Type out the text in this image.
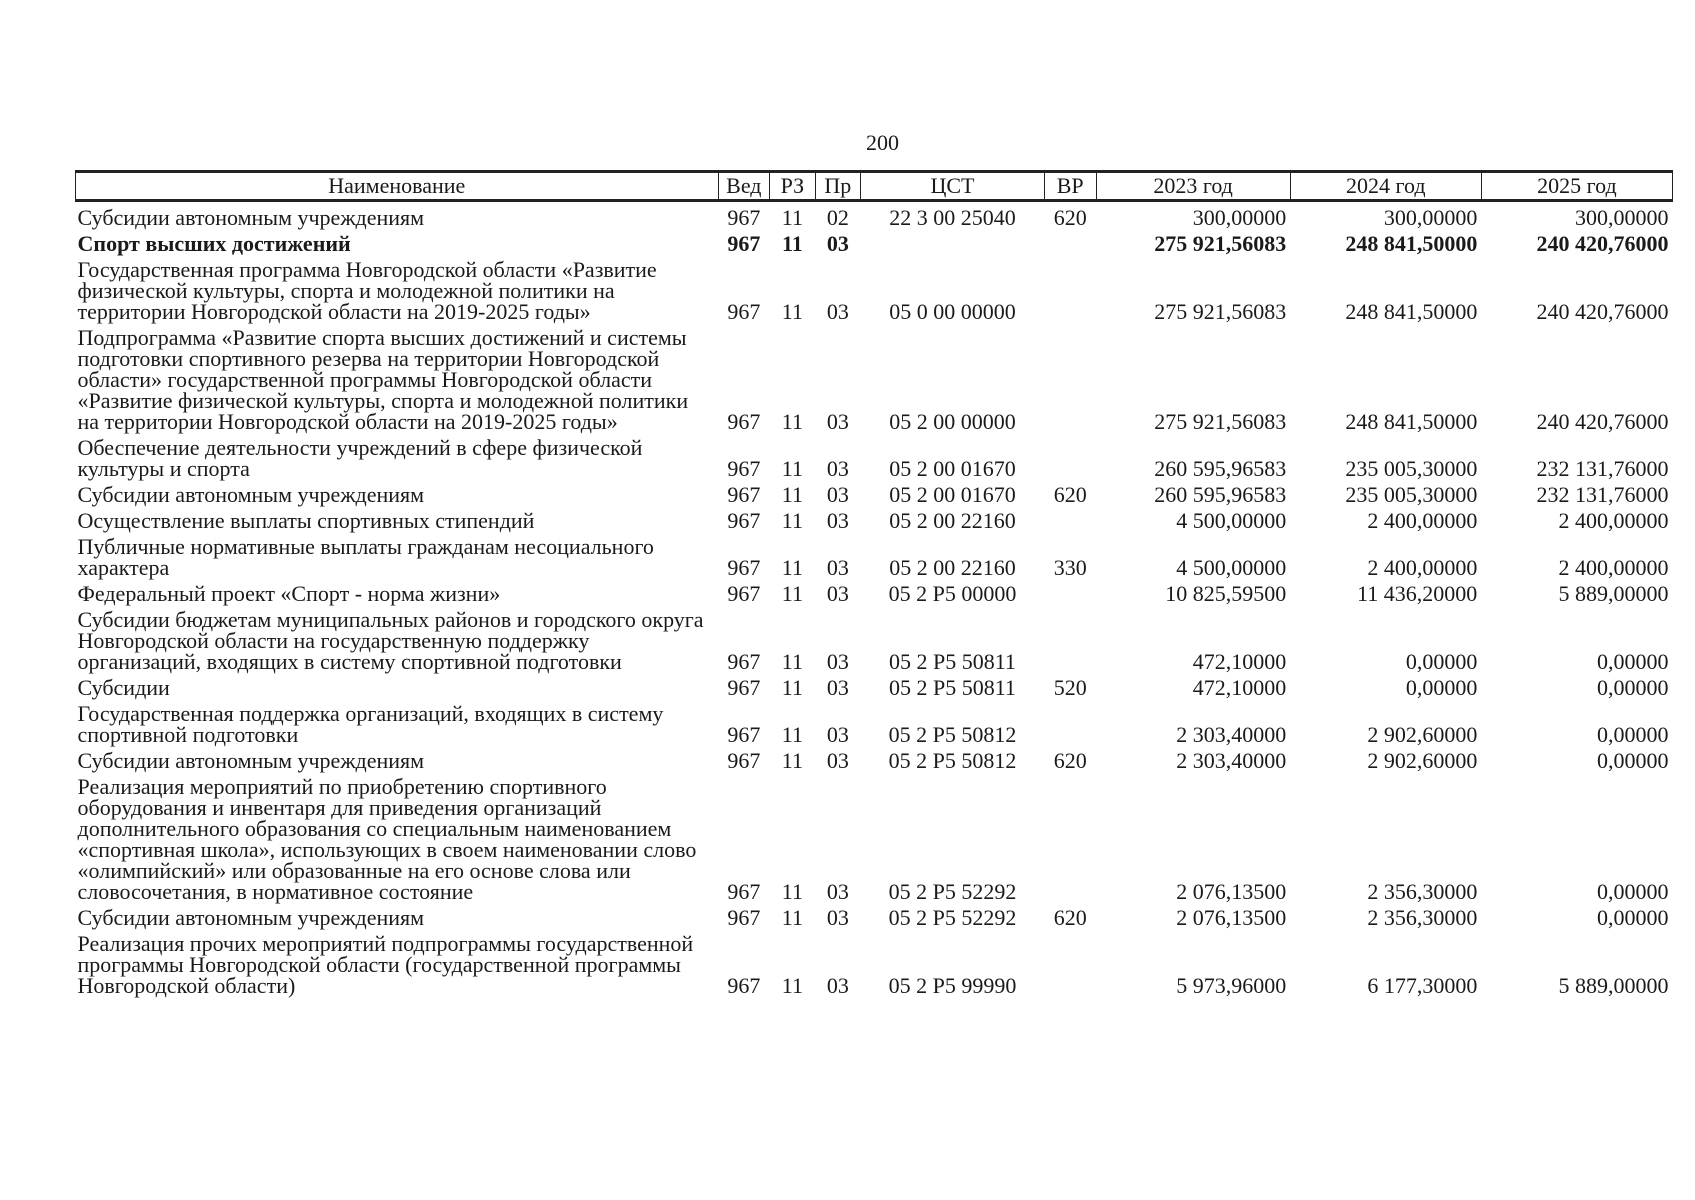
200
Наименование	Вед	РЗ	Пр	ЦСТ	ВР	2023 год	2024 год	2025 год
Субсидии автономным учреждениям	967	11	02	22 3 00 25040	620	300,00000	300,00000	300,00000
Спорт высших достижений	967	11	03			275 921,56083	248 841,50000	240 420,76000
Государственная программа Новгородской области «Развитие физической культуры, спорта и молодежной политики на территории Новгородской области на 2019-2025 годы»	967	11	03	05 0 00 00000		275 921,56083	248 841,50000	240 420,76000
Подпрограмма «Развитие спорта высших достижений и системы подготовки спортивного резерва на территории Новгородской области» государственной программы Новгородской области «Развитие физической культуры, спорта и молодежной политики на территории Новгородской области на 2019-2025 годы»	967	11	03	05 2 00 00000		275 921,56083	248 841,50000	240 420,76000
Обеспечение деятельности учреждений в сфере физической культуры и спорта	967	11	03	05 2 00 01670		260 595,96583	235 005,30000	232 131,76000
Субсидии автономным учреждениям	967	11	03	05 2 00 01670	620	260 595,96583	235 005,30000	232 131,76000
Осуществление выплаты спортивных стипендий	967	11	03	05 2 00 22160		4 500,00000	2 400,00000	2 400,00000
Публичные нормативные выплаты гражданам несоциального характера	967	11	03	05 2 00 22160	330	4 500,00000	2 400,00000	2 400,00000
Федеральный проект «Спорт - норма жизни»	967	11	03	05 2 P5 00000		10 825,59500	11 436,20000	5 889,00000
Субсидии бюджетам муниципальных районов и городского округа Новгородской области на государственную поддержку организаций, входящих в систему спортивной подготовки	967	11	03	05 2 P5 50811		472,10000	0,00000	0,00000
Субсидии	967	11	03	05 2 P5 50811	520	472,10000	0,00000	0,00000
Государственная поддержка организаций, входящих в систему спортивной подготовки	967	11	03	05 2 P5 50812		2 303,40000	2 902,60000	0,00000
Субсидии автономным учреждениям	967	11	03	05 2 P5 50812	620	2 303,40000	2 902,60000	0,00000
Реализация мероприятий по приобретению спортивного оборудования и инвентаря для приведения организаций дополнительного образования со специальным наименованием «спортивная школа», использующих в своем наименовании слово «олимпийский» или образованные на его основе слова или словосочетания, в нормативное состояние	967	11	03	05 2 P5 52292		2 076,13500	2 356,30000	0,00000
Субсидии автономным учреждениям	967	11	03	05 2 P5 52292	620	2 076,13500	2 356,30000	0,00000
Реализация прочих мероприятий подпрограммы государственной программы Новгородской области (государственной программы Новгородской области)	967	11	03	05 2 P5 99990		5 973,96000	6 177,30000	5 889,00000
